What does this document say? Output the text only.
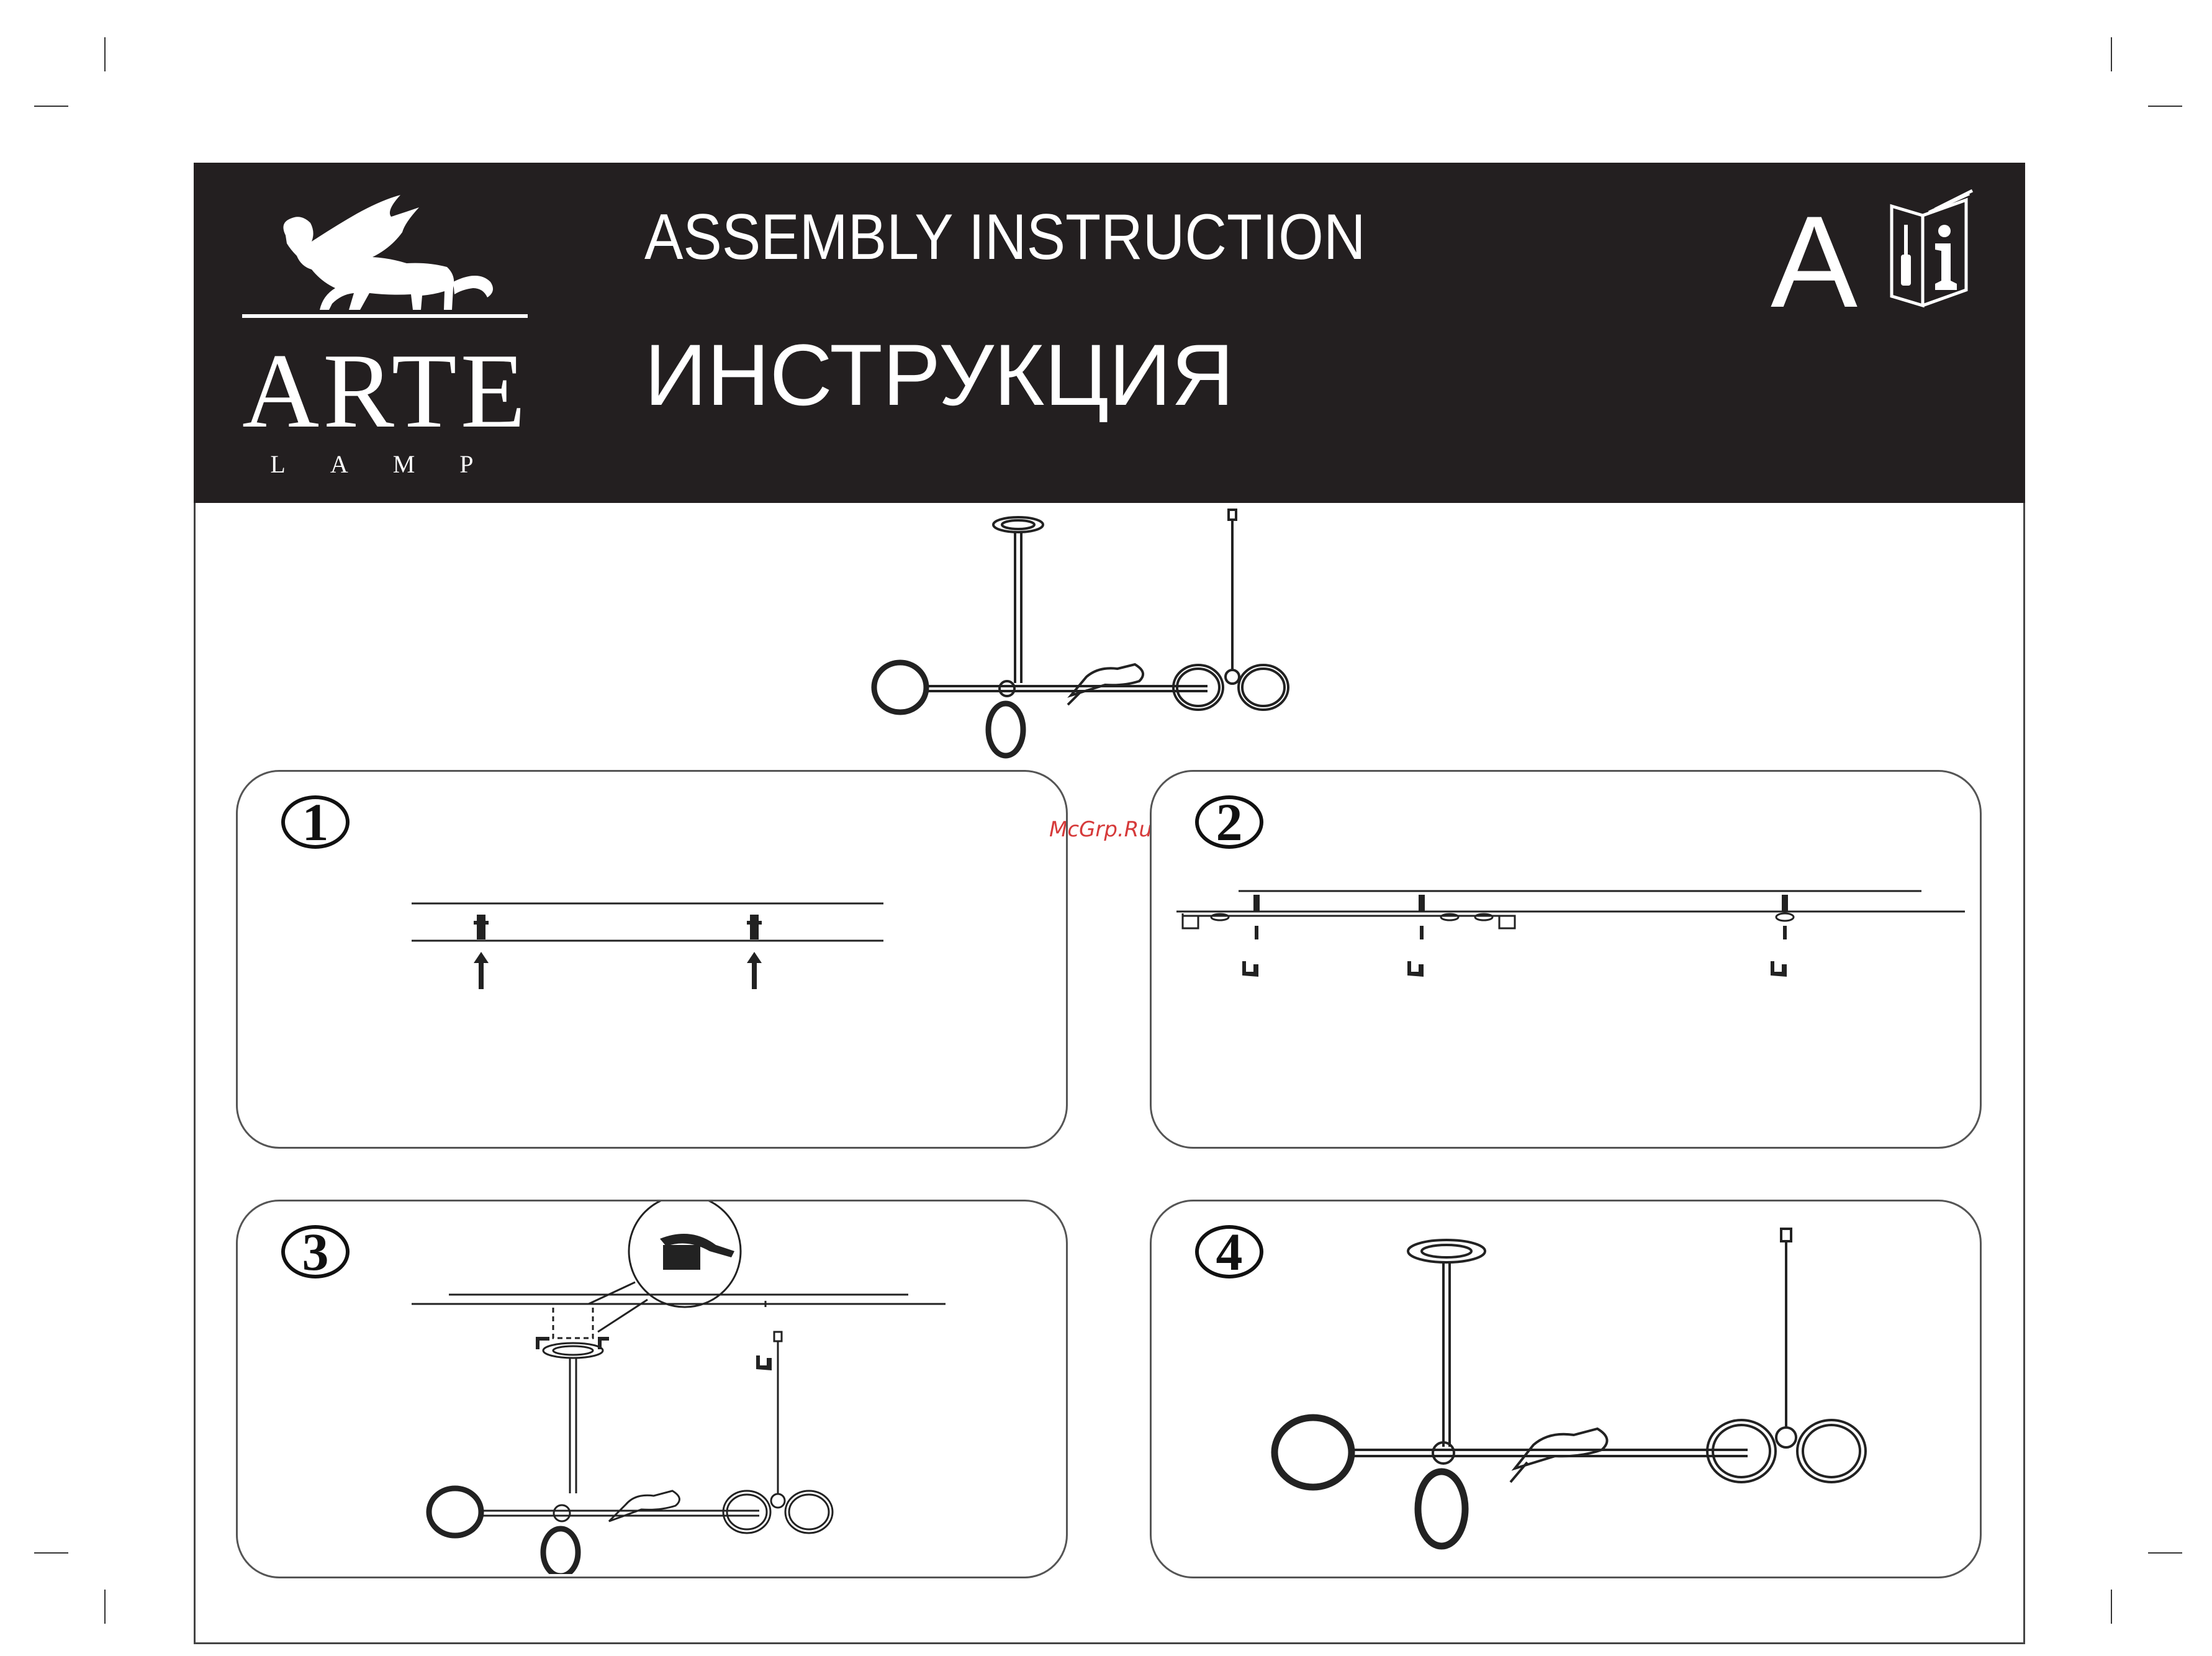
ARTE
LAMP
ASSEMBLY INSTRUCTION
ИНСТРУКЦИЯ
A
McGrp.Ru
1	2
3	4
